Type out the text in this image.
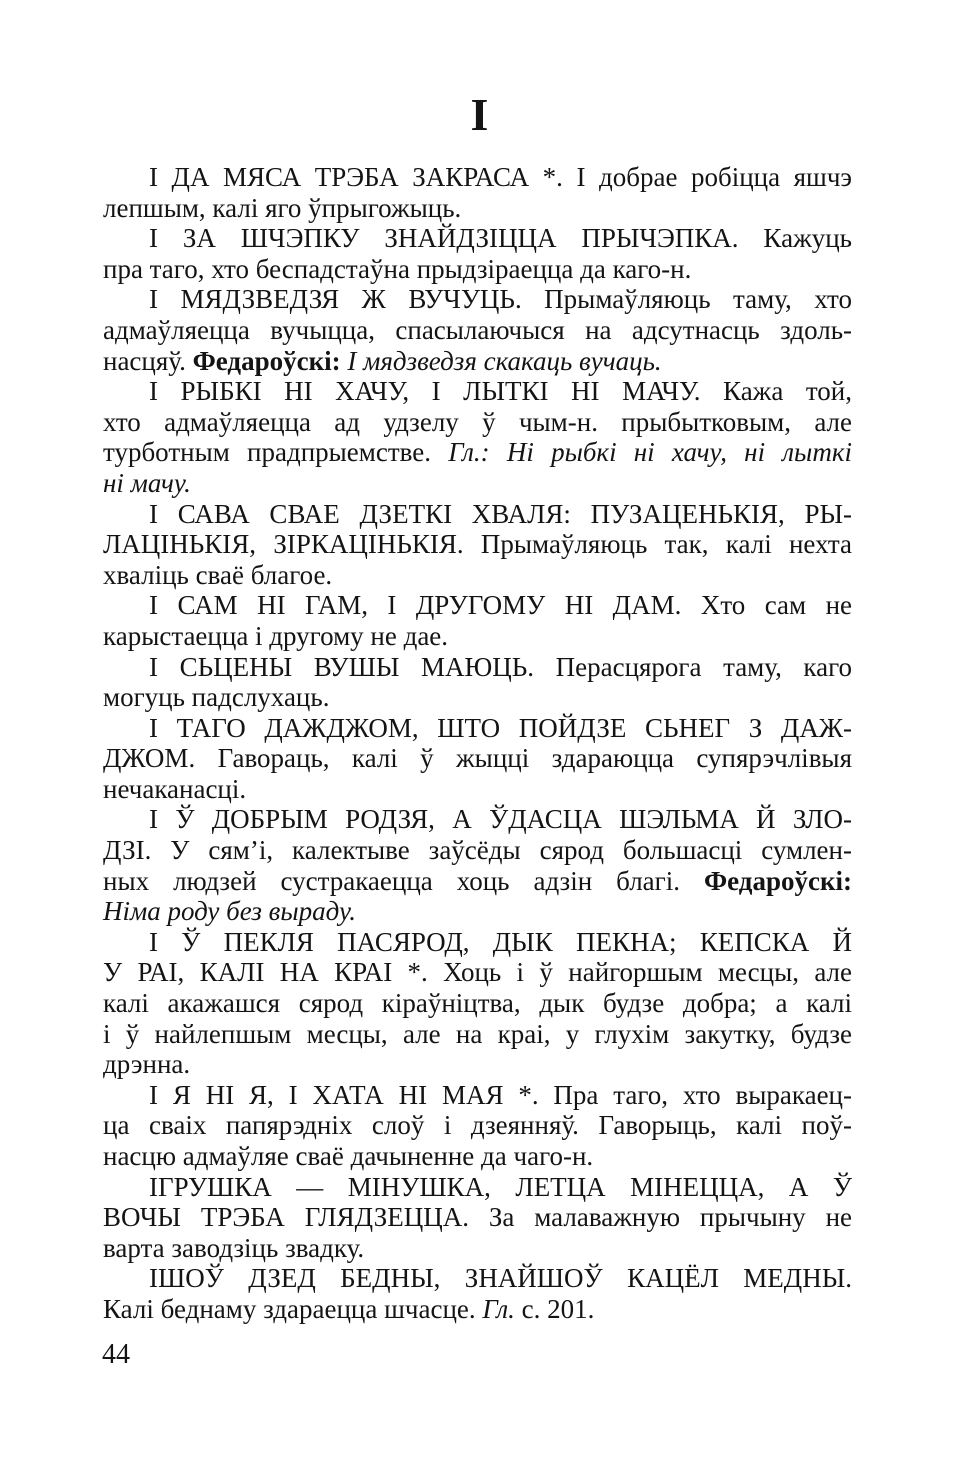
І
І ДА МЯСА ТРЭБА ЗАКРАСА *. І добрае робіцца яшчэ
лепшым, калі яго ўпрыгожыць.
І ЗА ШЧЭПКУ ЗНАЙДЗІЦЦА ПРЫЧЭПКА. Кажуць
пра таго, хто беспадстаўна прыдзіраецца да каго-н.
І МЯДЗВЕДЗЯ Ж ВУЧУЦЬ. Прымаўляюць таму, хто
адмаўляецца вучыцца, спасылаючыся на адсутнасць здоль-
насцяў. Федароўскі: І мядзведзя скакаць вучаць.
І РЫБКІ НІ ХАЧУ, І ЛЫТКІ НІ МАЧУ. Кажа той,
хто адмаўляецца ад удзелу ў чым-н. прыбытковым, але
турботным прадпрыемстве. Гл.: Ні рыбкі ні хачу, ні лыткі
ні мачу.
І САВА СВАЕ ДЗЕТКІ ХВАЛЯ: ПУЗАЦЕНЬКІЯ, РЫ-
ЛАЦІНЬКІЯ, ЗІРКАЦІНЬКІЯ. Прымаўляюць так, калі нехта
хваліць сваё благое.
І САМ НІ ГАМ, І ДРУГОМУ НІ ДАМ. Хто сам не
карыстаецца і другому не дае.
І СЬЦЕНЫ ВУШЫ МАЮЦЬ. Перасцярога таму, каго
могуць падслухаць.
І ТАГО ДАЖДЖОМ, ШТО ПОЙДЗЕ СЬНЕГ З ДАЖ-
ДЖОМ. Гавораць, калі ў жыцці здараюцца супярэчлівыя
нечаканасці.
І Ў ДОБРЫМ РОДЗЯ, А ЎДАСЦА ШЭЛЬМА Й ЗЛО-
ДЗІ. У сям’і, калектыве заўсёды сярод большасці сумлен-
ных людзей сустракаецца хоць адзін благі. Федароўскі:
Німа роду без выраду.
І Ў ПЕКЛЯ ПАСЯРОД, ДЫК ПЕКНА; КЕПСКА Й
У РАІ, КАЛІ НА КРАІ *. Хоць і ў найгоршым месцы, але
калі акажашся сярод кіраўніцтва, дык будзе добра; а калі
і ў найлепшым месцы, але на краі, у глухім закутку, будзе
дрэнна.
І Я НІ Я, І ХАТА НІ МАЯ *. Пра таго, хто выракаец-
ца сваіх папярэдніх слоў і дзеянняў. Гаворыць, калі поў-
насцю адмаўляе сваё дачыненне да чаго-н.
ІГРУШКА — МІНУШКА, ЛЕТЦА МІНЕЦЦА, А Ў
ВОЧЫ ТРЭБА ГЛЯДЗЕЦЦА. За малаважную прычыну не
варта заводзіць звадку.
ІШОЎ ДЗЕД БЕДНЫ, ЗНАЙШОЎ КАЦЁЛ МЕДНЫ.
Калі беднаму здараецца шчасце. Гл. с. 201.
44
